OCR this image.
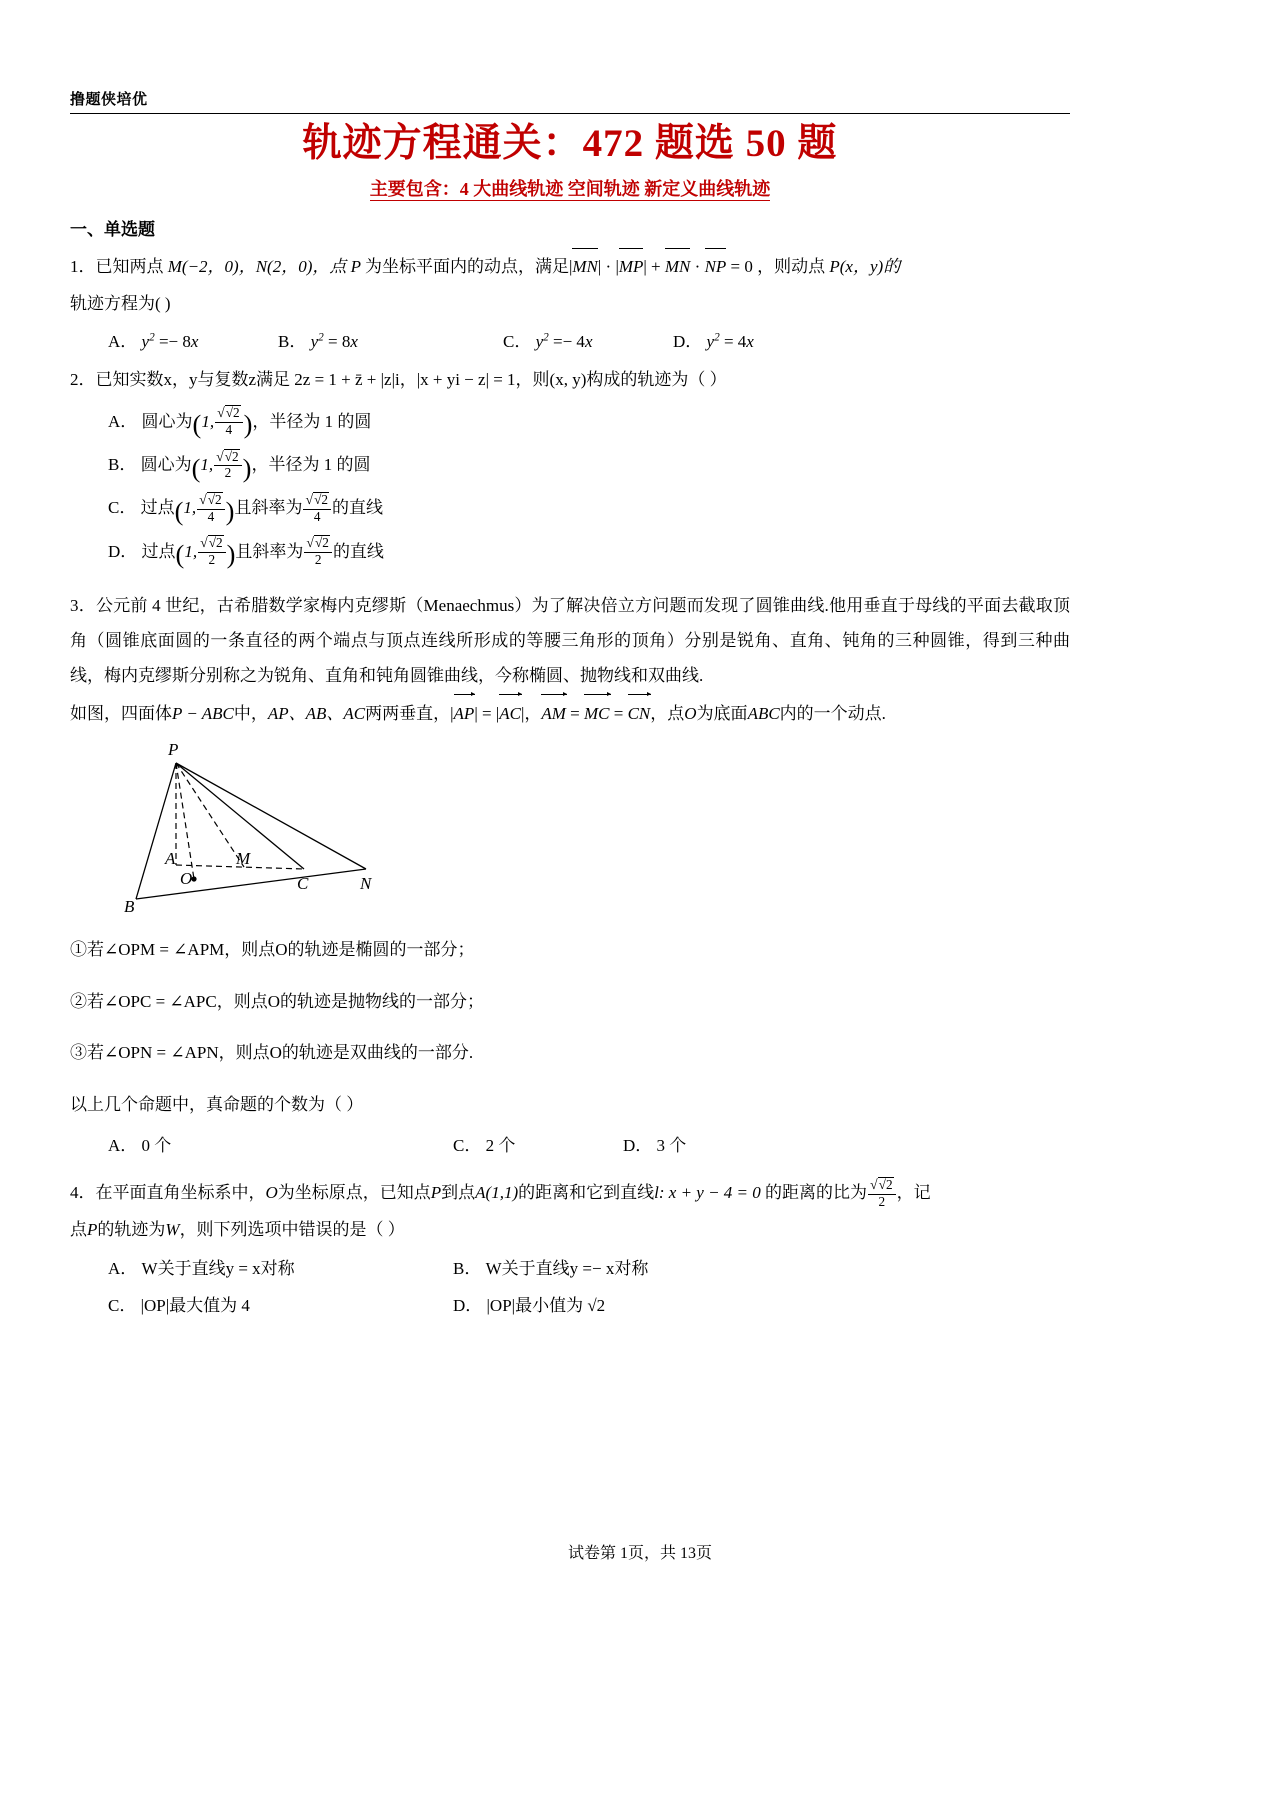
撸题侠培优
轨迹方程通关：472 题选 50 题
主要包含：4 大曲线轨迹 空间轨迹 新定义曲线轨迹
一、单选题
1．已知两点 M(−2，0)，N(2，0)，点 P 为坐标平面内的动点，满足|MN| · |MP| + MN · NP = 0 ，则动点 P(x，y)的
轨迹方程为( )
A． $y^2 =- 8x$	B． $y^2 = 8x$	C． $y^2 =- 4x$	D． $y^2 = 4x$
2．已知实数x，y与复数z满足 2z = 1 + z̄ + |z|i，|x + yi − z| = 1，则(x, y)构成的轨迹为（ ）
A． 圆心为(1, $\frac{√√2}{4}$ )，半径为 1 的圆
B． 圆心为(1, $\frac{√√2}{2}$ )，半径为 1 的圆
C． 过点(1, $\frac{√√2}{4}$ )且斜率为 $\frac{√√2}{4}$ 的直线
D． 过点(1, $\frac{√√2}{2}$ )且斜率为 $\frac{√√2}{2}$ 的直线
3．公元前 4 世纪，古希腊数学家梅内克缪斯（Menaechmus）为了解决倍立方问题而发现了圆锥曲线.他用垂直于母线的平面去截取顶角（圆锥底面圆的一条直径的两个端点与顶点连线所形成的等腰三角形的顶角）分别是锐角、直角、钝角的三种圆锥，得到三种曲线，梅内克缪斯分别称之为锐角、直角和钝角圆锥曲线，今称椭圆、抛物线和双曲线.
如图，四面体P − ABC中，AP、AB、AC两两垂直，|AP| = |AC|，AM = MC = CN，点O为底面ABC内的一个动点.
P
A
O
M
C	N
B
①若∠OPM = ∠APM，则点O的轨迹是椭圆的一部分；
②若∠OPC = ∠APC，则点O的轨迹是抛物线的一部分；
③若∠OPN = ∠APN，则点O的轨迹是双曲线的一部分.
以上几个命题中，真命题的个数为（ ）
A． 0 个	C． 2 个	D． 3 个
4．在平面直角坐标系中，O为坐标原点，已知点P到点A(1,1)的距离和它到直线l: x + y − 4 = 0 的距离的比为 $\frac{√√2}{2}$ ，记
点P的轨迹为W，则下列选项中错误的是（ ）
A． W关于直线y = x对称	B． W关于直线y =− x对称
C． |OP|最大值为 4	D． |OP|最小值为 √2
试卷第 1页，共 13页
